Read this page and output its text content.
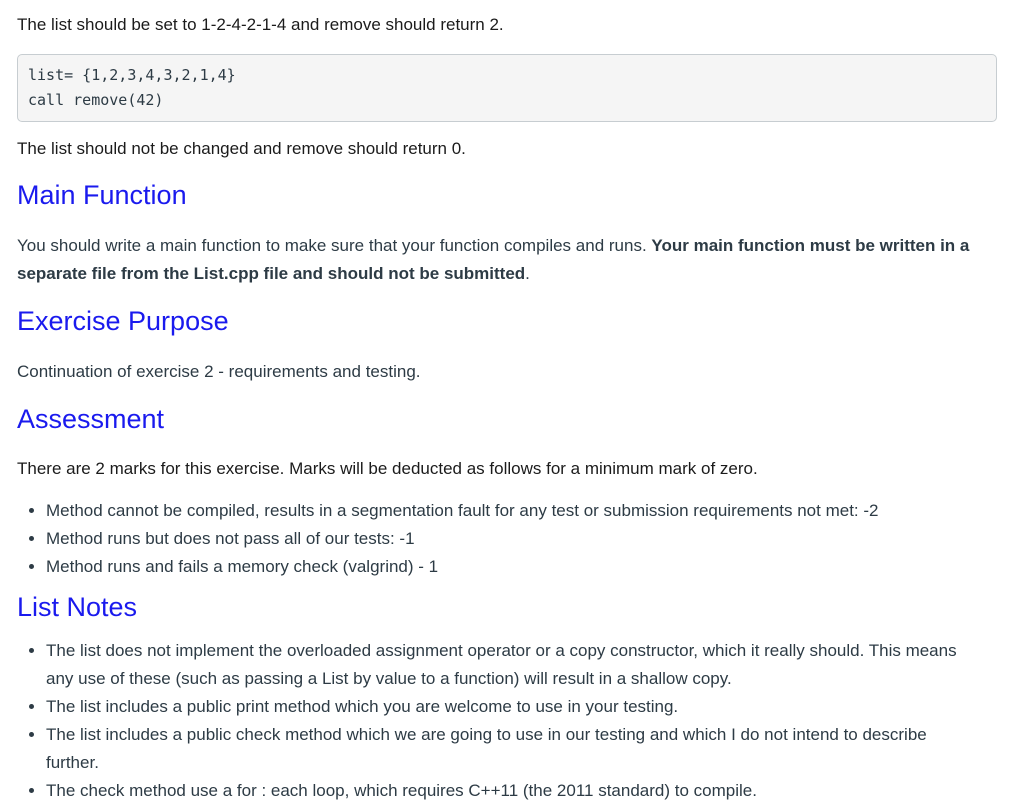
The list should be set to 1-2-4-2-1-4 and remove should return 2.

list= {1,2,3,4,3,2,1,4}
call remove(42)

The list should not be changed and remove should return 0.

Main Function

You should write a main function to make sure that your function compiles and runs. Your main function must be written in a separate file from the List.cpp file and should not be submitted.

Exercise Purpose

Continuation of exercise 2 - requirements and testing.

Assessment

There are 2 marks for this exercise. Marks will be deducted as follows for a minimum mark of zero.

• Method cannot be compiled, results in a segmentation fault for any test or submission requirements not met: -2
• Method runs but does not pass all of our tests: -1
• Method runs and fails a memory check (valgrind) - 1
List Notes
• The list does not implement the overloaded assignment operator or a copy constructor, which it really should. This means any use of these (such as passing a List by value to a function) will result in a shallow copy.
• The list includes a public print method which you are welcome to use in your testing.
• The list includes a public check method which we are going to use in our testing and which I do not intend to describe further.
• The check method use a for : each loop, which requires C++11 (the 2011 standard) to compile.
